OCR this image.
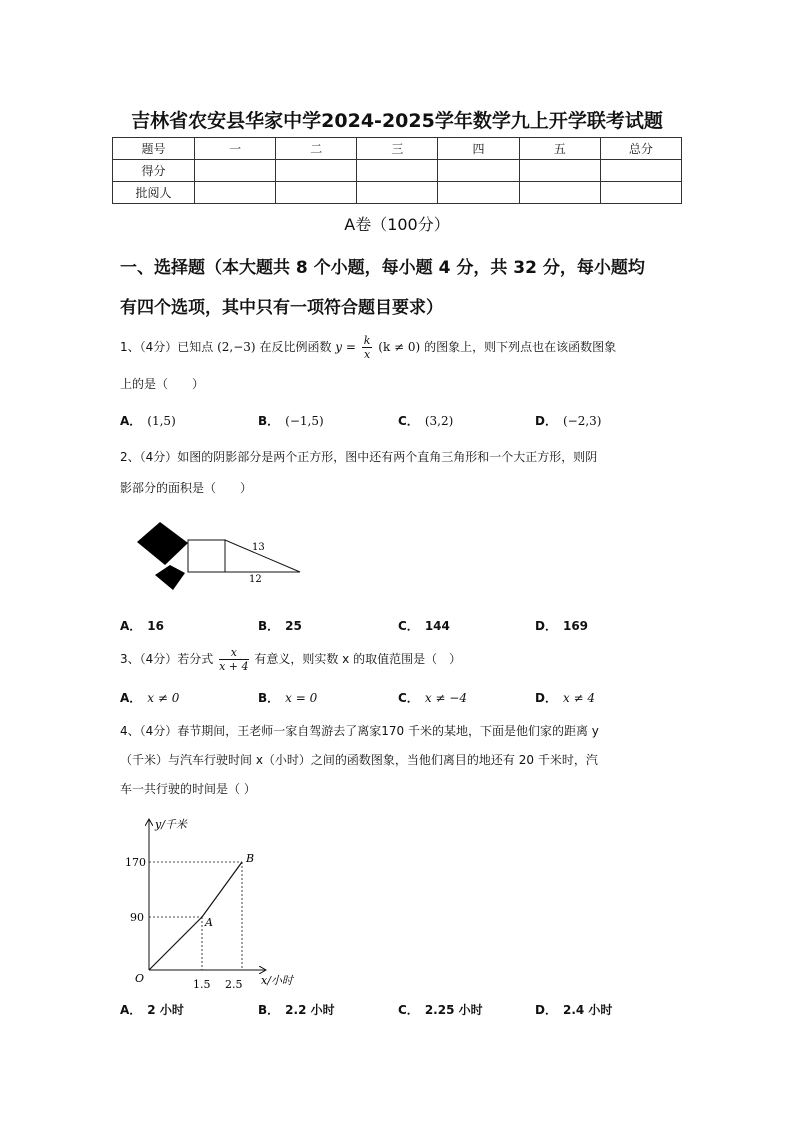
吉林省农安县华家中学2024-2025学年数学九上开学联考试题
题号	一	二	三	四	五	总分
得分						
批阅人						
A卷（100分）
一、选择题（本大题共 8 个小题，每小题 4 分，共 32 分，每小题均
有四个选项，其中只有一项符合题目要求）
1、（4分）已知点 (2,−3) 在反比例函数 $y = \frac{k}{x} (k \ne 0)$ 的图象上，则下列点也在该函数图象
上的是（　　）
A． (1,5)	B． (−1,5)	C． (3,2)	D． (−2,3)
2、（4分）如图的阴影部分是两个正方形，图中还有两个直角三角形和一个大正方形，则阴
影部分的面积是（　　）
13
12
A． 16	B． 25	C． 144	D． 169
3、（4分）若分式 $\frac{x}{x + 4}$ 有意义，则实数 x 的取值范围是（　）
A． x ≠ 0	B． x = 0	C． x ≠ −4	D． x ≠ 4
4、（4分）春节期间，王老师一家自驾游去了离家170 千米的某地，下面是他们家的距离 y
（千米）与汽车行驶时间 x（小时）之间的函数图象，当他们离目的地还有 20 千米时，汽
车一共行驶的时间是（ ）
y/千米
x/小时
O
A
B
170
90
1.5 2.5
A． 2 小时	B． 2.2 小时	C． 2.25 小时	D． 2.4 小时
